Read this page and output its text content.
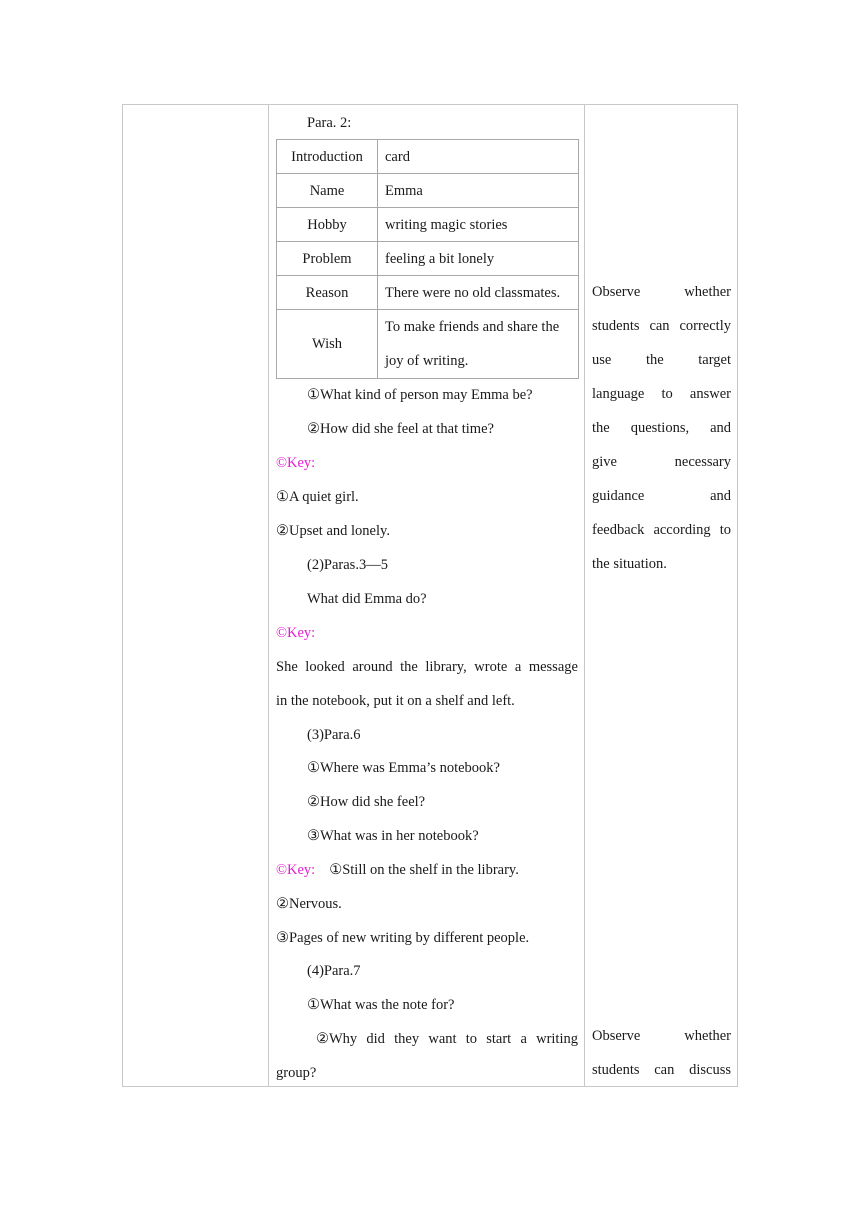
Para. 2:
Introduction	card
Name	Emma
Hobby	writing magic stories
Problem	feeling a bit lonely
Reason	There were no old classmates.
Wish	To make friends and share the
joy of writing.
①What kind of person may Emma be?
②How did she feel at that time?
©Key:
①A quiet girl.
②Upset and lonely.
(2)Paras.3—5
What did Emma do?
©Key:
She looked around the library, wrote a message
in the notebook, put it on a shelf and left.
(3)Para.6
①Where was Emma’s notebook?
②How did she feel?
③What was in her notebook?
©Key: ①Still on the shelf in the library.
②Nervous.
③Pages of new writing by different people.
(4)Para.7
①What was the note for?
②Why did they want to start a writing
group?
Observe	whether
students can correctly
use the target
language to answer
the questions, and
give	necessary
guidance	and
feedback according to
the situation.
Observe	whether
students can discuss
